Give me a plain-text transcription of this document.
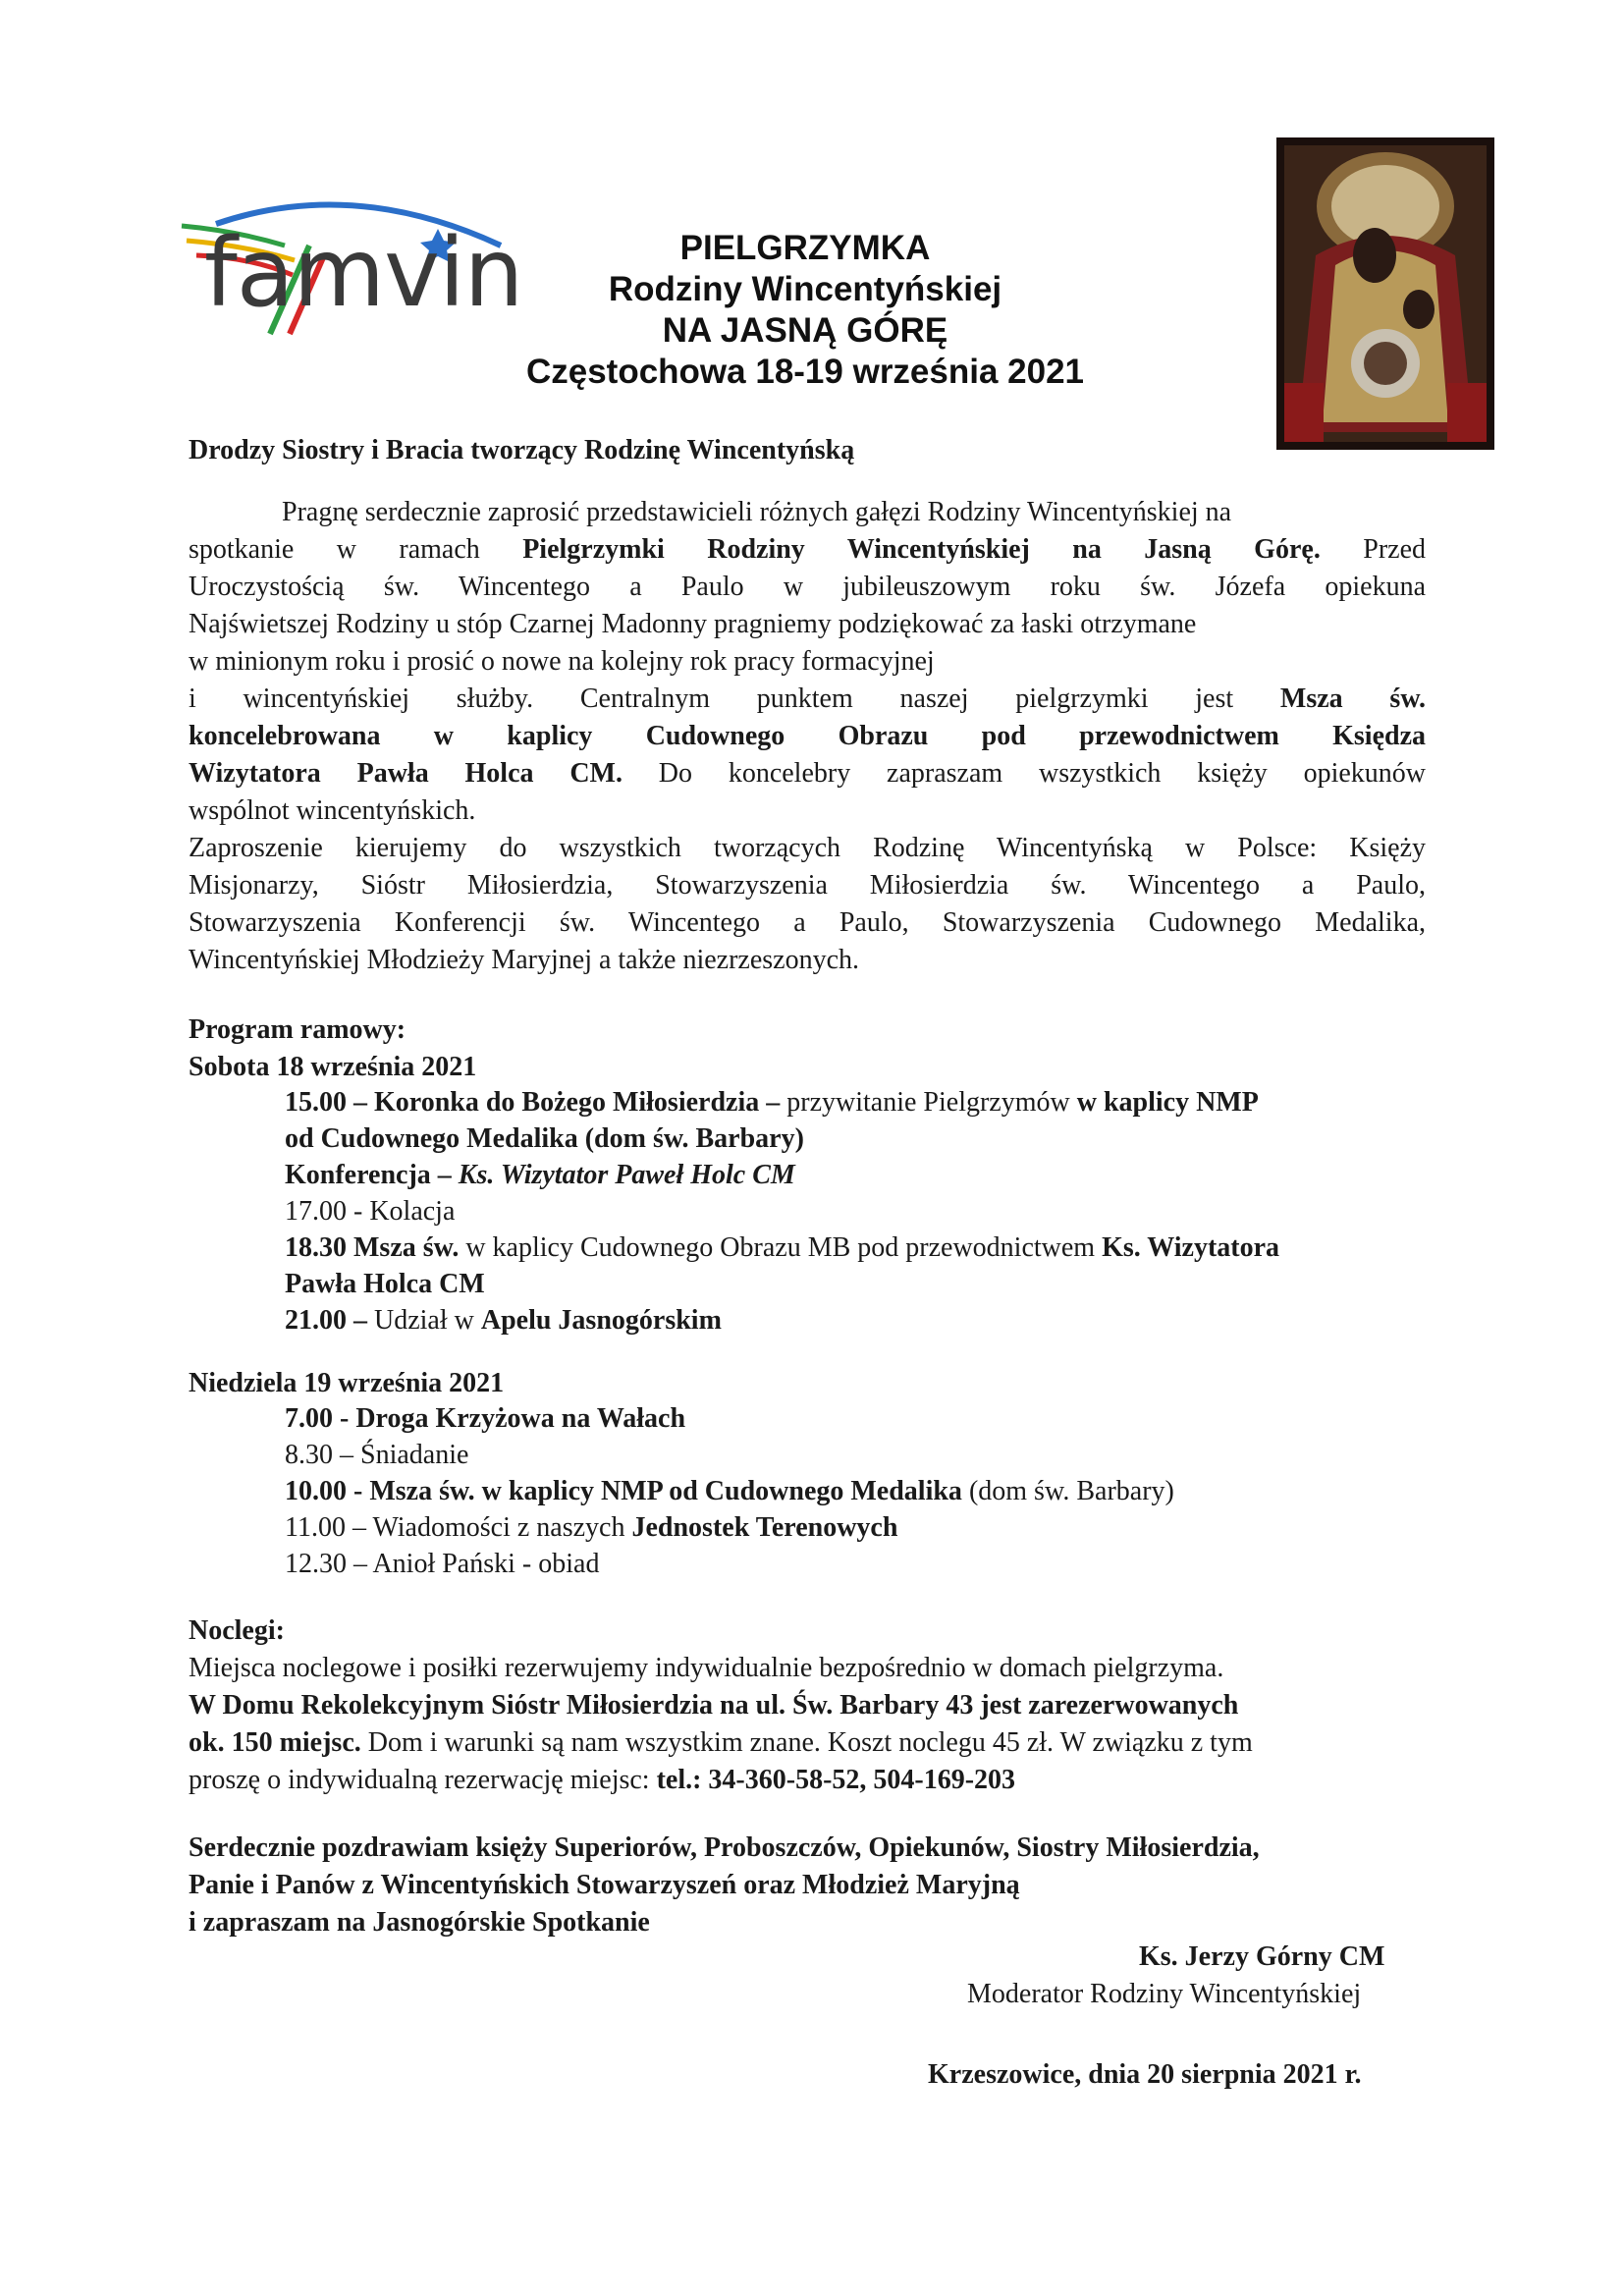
famvin	PIELGRZYMKA
Rodziny Wincentyńskiej
NA JASNĄ GÓRĘ
Częstochowa 18-19 września 2021
Drodzy Siostry i Bracia tworzący Rodzinę Wincentyńską

Pragnę serdecznie zaprosić przedstawicieli różnych gałęzi Rodziny Wincentyńskiej na

spotkanie w ramach Pielgrzymki Rodziny Wincentyńskiej na Jasną Górę. Przed

Uroczystością św. Wincentego a Paulo w jubileuszowym roku św. Józefa opiekuna

Najświetszej Rodziny u stóp Czarnej Madonny pragniemy podziękować za łaski otrzymane

w minionym roku i prosić o nowe na kolejny rok pracy formacyjnej

i wincentyńskiej służby. Centralnym punktem naszej pielgrzymki jest Msza św.

koncelebrowana w kaplicy Cudownego Obrazu pod przewodnictwem Księdza

Wizytatora Pawła Holca CM. Do koncelebry zapraszam wszystkich księży opiekunów

wspólnot wincentyńskich.

Zaproszenie kierujemy do wszystkich tworzących Rodzinę Wincentyńską w Polsce: Księży

Misjonarzy, Sióstr Miłosierdzia, Stowarzyszenia Miłosierdzia św. Wincentego a Paulo,

Stowarzyszenia Konferencji św. Wincentego a Paulo, Stowarzyszenia Cudownego Medalika,

Wincentyńskiej Młodzieży Maryjnej a także niezrzeszonych.

Program ramowy:
Sobota 18 września 2021

15.00 – Koronka do Bożego Miłosierdzia – przywitanie Pielgrzymów w kaplicy NMP

od Cudownego Medalika (dom św. Barbary)

Konferencja – Ks. Wizytator Paweł Holc CM

17.00 - Kolacja

18.30 Msza św. w kaplicy Cudownego Obrazu MB pod przewodnictwem Ks. Wizytatora

Pawła Holca CM

21.00 – Udział w Apelu Jasnogórskim

Niedziela 19 września 2021

7.00 - Droga Krzyżowa na Wałach

8.30 – Śniadanie

10.00 - Msza św. w kaplicy NMP od Cudownego Medalika (dom św. Barbary)

11.00 – Wiadomości z naszych Jednostek Terenowych

12.30 – Anioł Pański - obiad

Noclegi:

Miejsca noclegowe i posiłki rezerwujemy indywidualnie bezpośrednio w domach pielgrzyma.

W Domu Rekolekcyjnym Sióstr Miłosierdzia na ul. Św. Barbary 43 jest zarezerwowanych

ok. 150 miejsc. Dom i warunki są nam wszystkim znane. Koszt noclegu 45 zł. W związku z tym

proszę o indywidualną rezerwację miejsc: tel.: 34-360-58-52, 504-169-203

Serdecznie pozdrawiam księży Superiorów, Proboszczów, Opiekunów, Siostry Miłosierdzia,

Panie i Panów z Wincentyńskich Stowarzyszeń oraz Młodzież Maryjną

i zapraszam na Jasnogórskie Spotkanie

Ks. Jerzy Górny CM
Moderator Rodziny Wincentyńskiej
Krzeszowice, dnia 20 sierpnia 2021 r.
